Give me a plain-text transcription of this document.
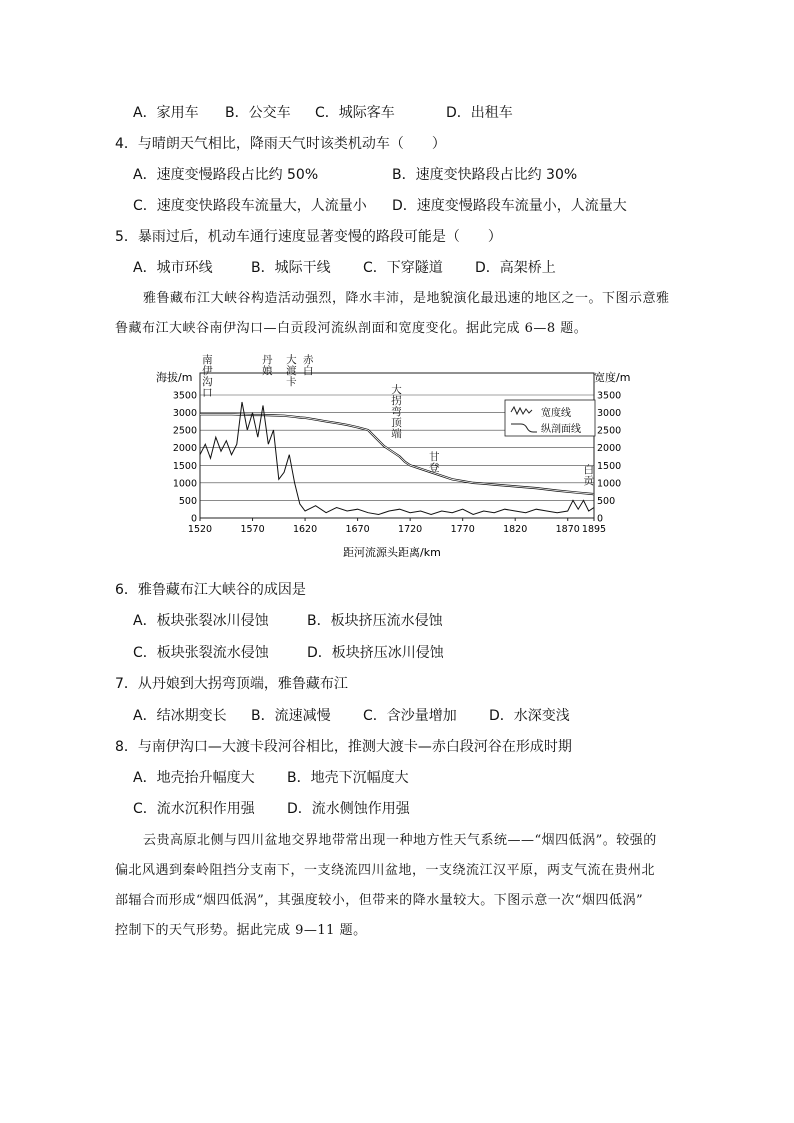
A．家用车 B．公交车 C．城际客车	D．出租车
4．与晴朗天气相比，降雨天气时该类机动车（　　）
A．速度变慢路段占比约 50%	B．速度变快路段占比约 30%
C．速度变快路段车流量大，人流量小 D．速度变慢路段车流量小，人流量大
5．暴雨过后，机动车通行速度显著变慢的路段可能是（　　）
A．城市环线	B．城际干线 C．下穿隧道 D．高架桥上

雅鲁藏布江大峡谷构造活动强烈，降水丰沛，是地貌演化最迅速的地区之一。下图示意雅

鲁藏布江大峡谷南伊沟口—白贡段河流纵剖面和宽度变化。据此完成 6—8 题。

0
500
1000
1500
2000
2500
3000
3500
0
500
1000
1500
2000
2500
3000
3500
1520	1570	1620	1670	1720	1770	1820	1870 1895
南
伊
沟
口
丹
娘
大
渡
卡
赤
白
大
拐
弯
顶
端
甘
登	白
贡
海拔/m	宽度/m
距河流源头距离/km
宽度线
纵剖面线
6．雅鲁藏布江大峡谷的成因是
A．板块张裂冰川侵蚀	B．板块挤压流水侵蚀
C．板块张裂流水侵蚀	D．板块挤压冰川侵蚀
7．从丹娘到大拐弯顶端，雅鲁藏布江
A．结冰期变长 B．流速减慢 C．含沙量增加 D．水深变浅
8．与南伊沟口—大渡卡段河谷相比，推测大渡卡—赤白段河谷在形成时期
A．地壳抬升幅度大 B．地壳下沉幅度大
C．流水沉积作用强 D．流水侧蚀作用强

云贵高原北侧与四川盆地交界地带常出现一种地方性天气系统——“烟四低涡”。较强的

偏北风遇到秦岭阻挡分支南下，一支绕流四川盆地，一支绕流江汉平原，两支气流在贵州北

部辐合而形成“烟四低涡”，其强度较小，但带来的降水量较大。下图示意一次“烟四低涡”

控制下的天气形势。据此完成 9—11 题。
